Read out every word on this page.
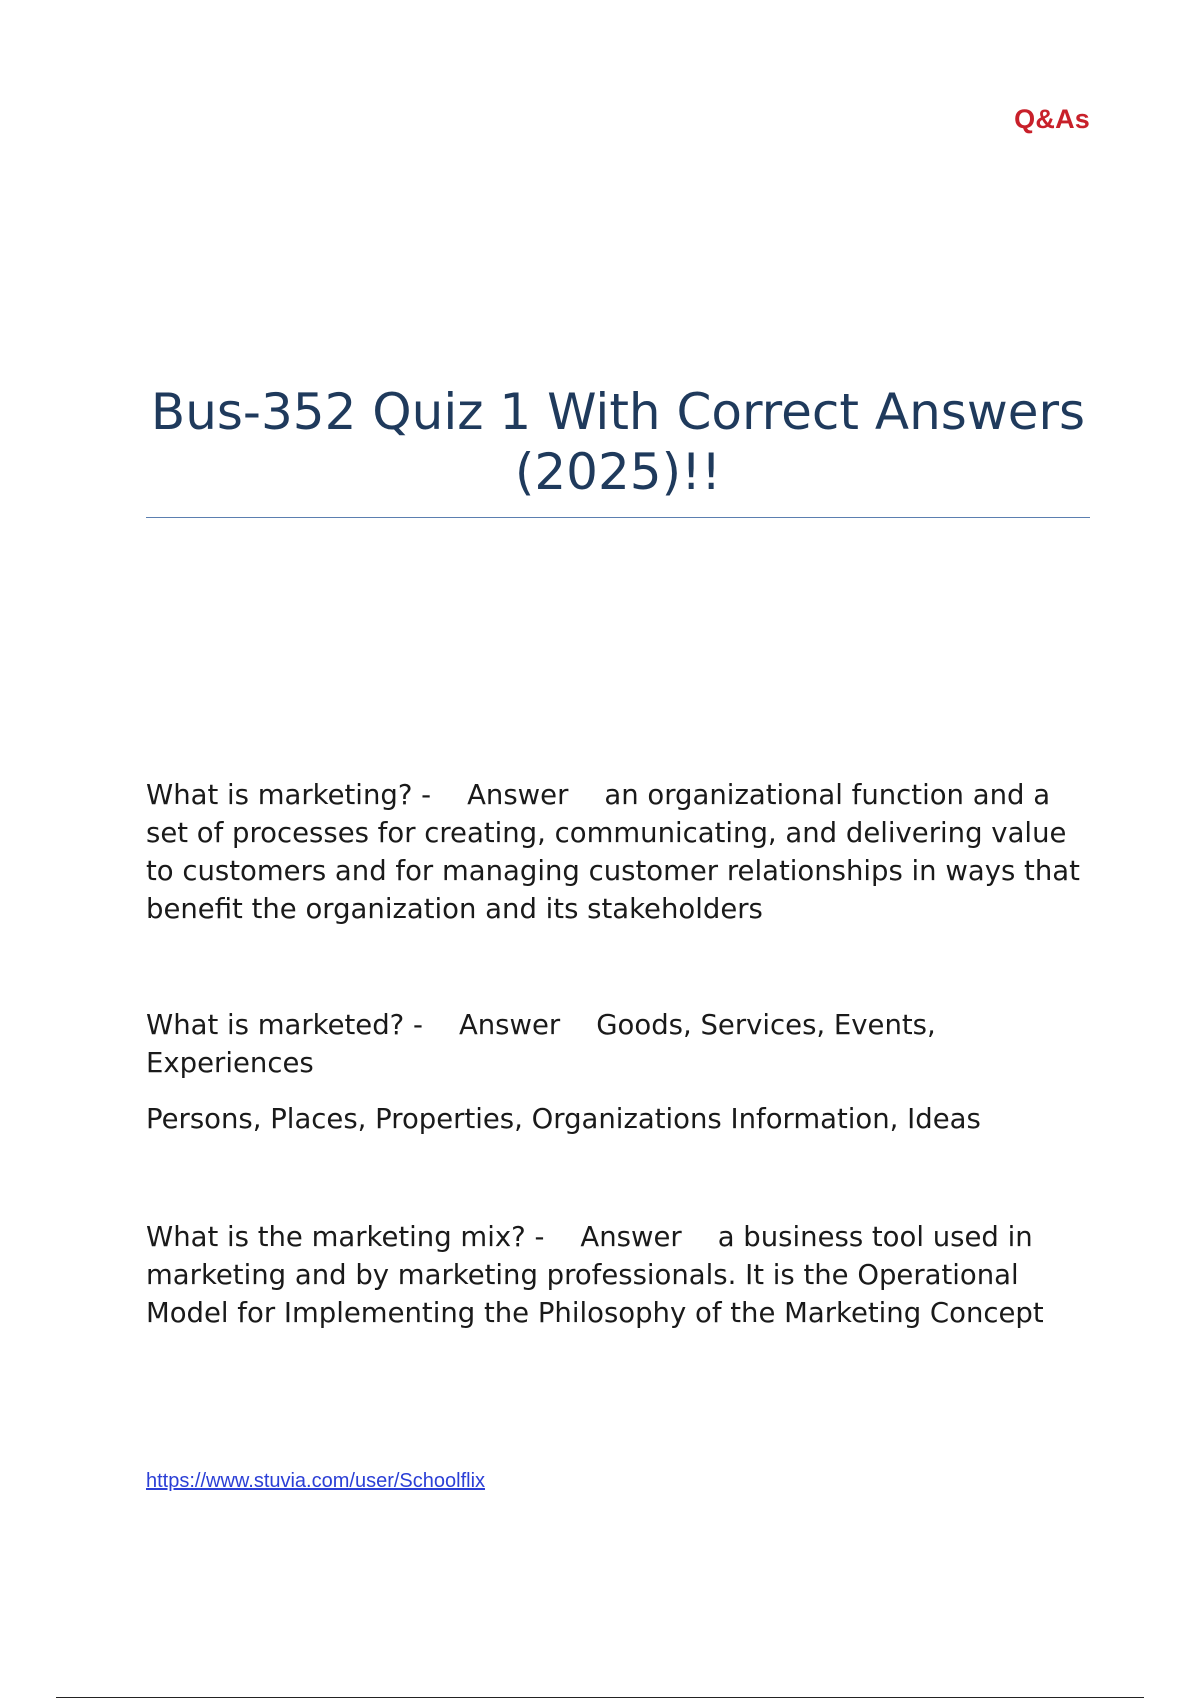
Q&As
Bus-352 Quiz 1 With Correct Answers (2025)!!

What is marketing? - Answer an organizational function and a set of processes for creating, communicating, and delivering value to customers and for managing customer relationships in ways that benefit the organization and its stakeholders

What is marketed? - Answer Goods, Services, Events, Experiences

Persons, Places, Properties, Organizations Information, Ideas

What is the marketing mix? - Answer a business tool used in marketing and by marketing professionals. It is the Operational Model for Implementing the Philosophy of the Marketing Concept

https://www.stuvia.com/user/Schoolflix
